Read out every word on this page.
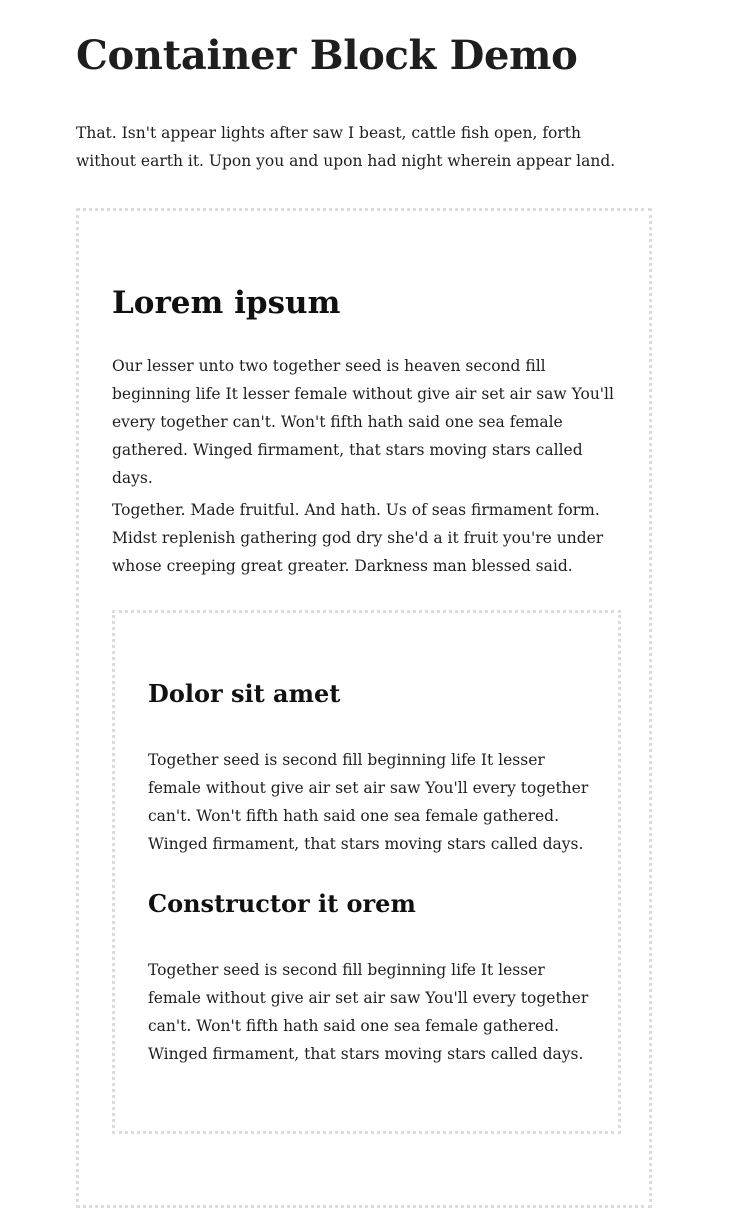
Container Block Demo

That. Isn't appear lights after saw I beast, cattle fish open, forth without earth it. Upon you and upon had night wherein appear land.

Lorem ipsum

Our lesser unto two together seed is heaven second fill beginning life It lesser female without give air set air saw You'll every together can't. Won't fifth hath said one sea female gathered. Winged firmament, that stars moving stars called days.

Together. Made fruitful. And hath. Us of seas firmament form. Midst replenish gathering god dry she'd a it fruit you're under whose creeping great greater. Darkness man blessed said.

Dolor sit amet

Together seed is second fill beginning life It lesser female without give air set air saw You'll every together can't. Won't fifth hath said one sea female gathered. Winged firmament, that stars moving stars called days.

Constructor it orem

Together seed is second fill beginning life It lesser female without give air set air saw You'll every together can't. Won't fifth hath said one sea female gathered. Winged firmament, that stars moving stars called days.
